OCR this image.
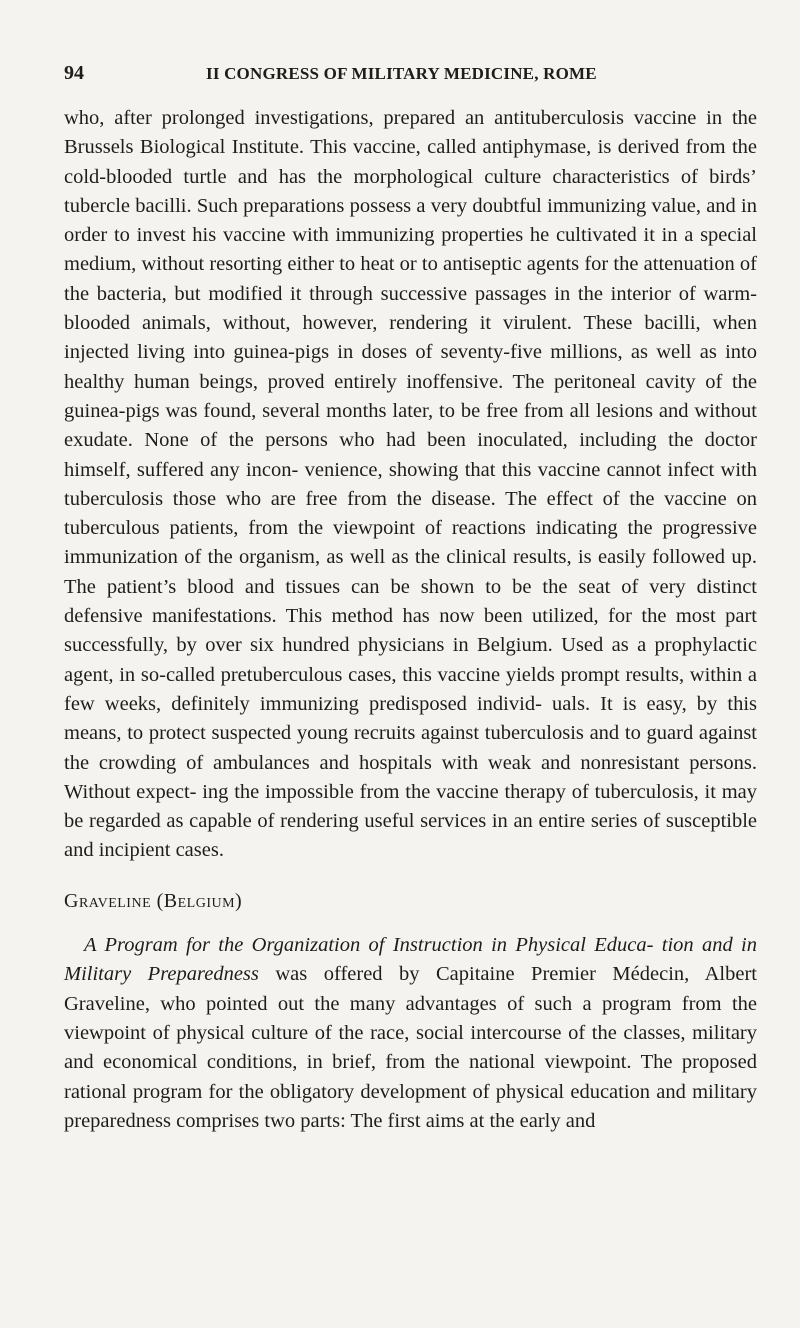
94	II CONGRESS OF MILITARY MEDICINE, ROME

who, after prolonged investigations, prepared an antituberculosis vaccine in the Brussels Biological Institute. This vaccine, called antiphymase, is derived from the cold-blooded turtle and has the morphological culture characteristics of birds’ tubercle bacilli. Such preparations possess a very doubtful immunizing value, and in order to invest his vaccine with immunizing properties he cultivated it in a special medium, without resorting either to heat or to antiseptic agents for the attenuation of the bacteria, but modified it through successive passages in the interior of warm-blooded animals, without, however, rendering it virulent. These bacilli, when injected living into guinea-pigs in doses of seventy-five millions, as well as into healthy human beings, proved entirely inoffensive. The peritoneal cavity of the guinea-pigs was found, several months later, to be free from all lesions and without exudate. None of the persons who had been inoculated, including the doctor himself, suffered any incon- venience, showing that this vaccine cannot infect with tuberculosis those who are free from the disease. The effect of the vaccine on tuberculous patients, from the viewpoint of reactions indicating the progressive immunization of the organism, as well as the clinical results, is easily followed up. The patient’s blood and tissues can be shown to be the seat of very distinct defensive manifestations. This method has now been utilized, for the most part successfully, by over six hundred physicians in Belgium. Used as a prophylactic agent, in so-called pretuberculous cases, this vaccine yields prompt results, within a few weeks, definitely immunizing predisposed individ- uals. It is easy, by this means, to protect suspected young recruits against tuberculosis and to guard against the crowding of ambulances and hospitals with weak and nonresistant persons. Without expect- ing the impossible from the vaccine therapy of tuberculosis, it may be regarded as capable of rendering useful services in an entire series of susceptible and incipient cases.

Graveline (Belgium)

A Program for the Organization of Instruction in Physical Educa- tion and in Military Preparedness was offered by Capitaine Premier Médecin, Albert Graveline, who pointed out the many advantages of such a program from the viewpoint of physical culture of the race, social intercourse of the classes, military and economical conditions, in brief, from the national viewpoint. The proposed rational program for the obligatory development of physical education and military preparedness comprises two parts: The first aims at the early and
